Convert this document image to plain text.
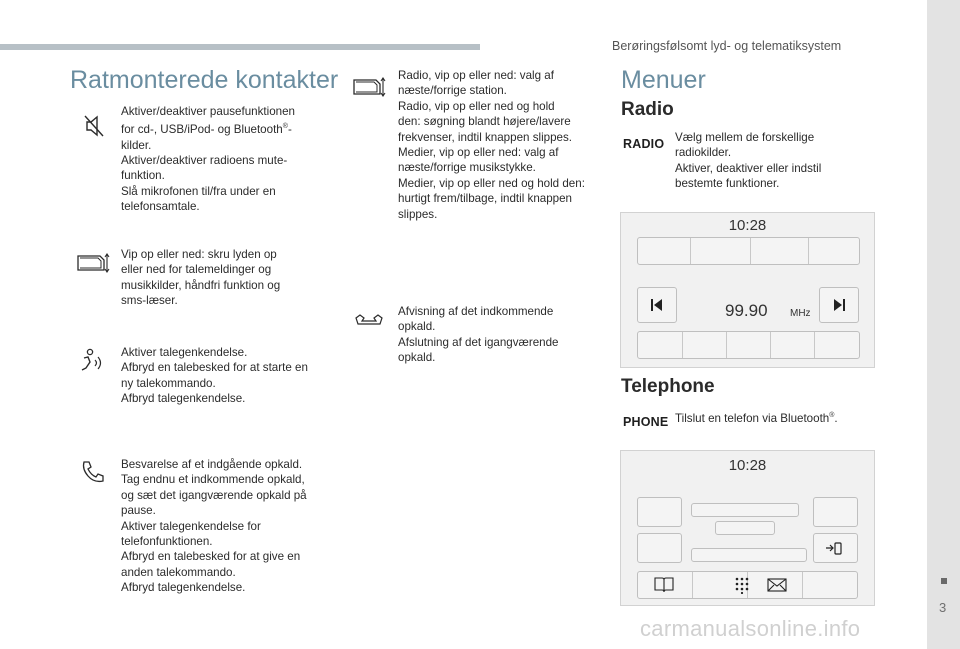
Berøringsfølsomt lyd- og telematiksystem
3
Ratmonterede kontakter

Aktiver/deaktiver pausefunktionen

for cd-, USB/iPod- og Bluetooth®-

kilder.

Aktiver/deaktiver radioens mute-

funktion.

Slå mikrofonen til/fra under en

telefonsamtale.

Vip op eller ned: skru lyden op

eller ned for talemeldinger og

musikkilder, håndfri funktion og

sms-læser.

Aktiver talegenkendelse.

Afbryd en talebesked for at starte en

ny talekommando.

Afbryd talegenkendelse.

Besvarelse af et indgående opkald.

Tag endnu et indkommende opkald,

og sæt det igangværende opkald på

pause.

Aktiver talegenkendelse for

telefonfunktionen.

Afbryd en talebesked for at give en

anden talekommando.

Afbryd talegenkendelse.

Radio, vip op eller ned: valg af

næste/forrige station.

Radio, vip op eller ned og hold

den: søgning blandt højere/lavere

frekvenser, indtil knappen slippes.

Medier, vip op eller ned: valg af

næste/forrige musikstykke.

Medier, vip op eller ned og hold den:

hurtigt frem/tilbage, indtil knappen

slippes.

Afvisning af det indkommende

opkald.

Afslutning af det igangværende

opkald.

Menuer
Radio
RADIO Vælg mellem de forskellige

radiokilder.

Aktiver, deaktiver eller indstil

bestemte funktioner.

10:28
99.90 MHz
Telephone
PHONE Tilslut en telefon via Bluetooth®.

10:28
carmanualsonline.info
